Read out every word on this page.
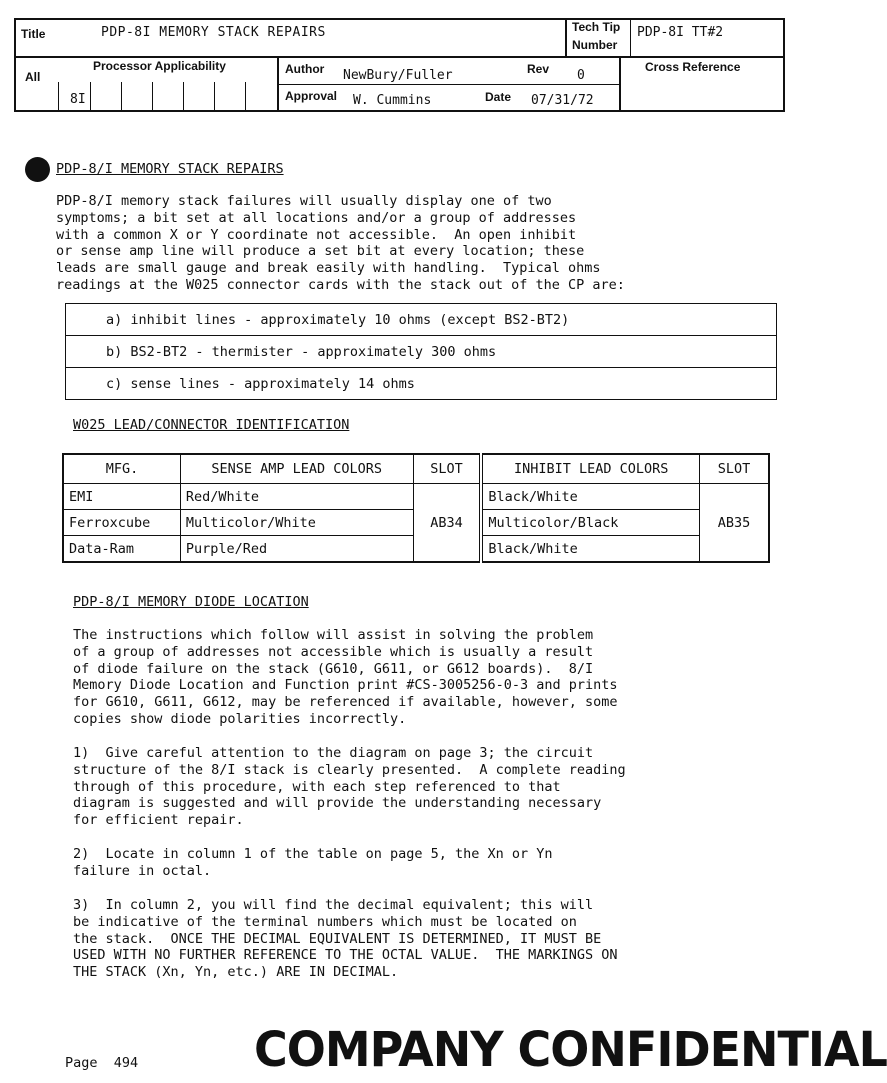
Title	PDP-8I MEMORY STACK REPAIRS	Tech Tip
Number
PDP-8I TT#2
All
Processor Applicability
8I
Author NewBury/Fuller	Rev 0
Cross Reference
Approval W. Cummins	Date 07/31/72
PDP-8/I MEMORY STACK REPAIRS
PDP-8/I memory stack failures will usually display one of two
symptoms; a bit set at all locations and/or a group of addresses
with a common X or Y coordinate not accessible.  An open inhibit
or sense amp line will produce a set bit at every location; these
leads are small gauge and break easily with handling.  Typical ohms
readings at the W025 connector cards with the stack out of the CP are:
a) inhibit lines - approximately 10 ohms (except BS2-BT2)
b) BS2-BT2 - thermister - approximately 300 ohms
c) sense lines - approximately 14 ohms
W025 LEAD/CONNECTOR IDENTIFICATION
MFG.	SENSE AMP LEAD COLORS	SLOT	INHIBIT LEAD COLORS	SLOT
EMI	Red/White	AB34	Black/White	AB35
Ferroxcube	Multicolor/White		Multicolor/Black	
Data-Ram	Purple/Red		Black/White	
PDP-8/I MEMORY DIODE LOCATION
The instructions which follow will assist in solving the problem
of a group of addresses not accessible which is usually a result
of diode failure on the stack (G610, G611, or G612 boards).  8/I
Memory Diode Location and Function print #CS-3005256-0-3 and prints
for G610, G611, G612, may be referenced if available, however, some
copies show diode polarities incorrectly.
1)  Give careful attention to the diagram on page 3; the circuit
structure of the 8/I stack is clearly presented.  A complete reading
through of this procedure, with each step referenced to that
diagram is suggested and will provide the understanding necessary
for efficient repair.
2)  Locate in column 1 of the table on page 5, the Xn or Yn
failure in octal.
3)  In column 2, you will find the decimal equivalent; this will
be indicative of the terminal numbers which must be located on
the stack.  ONCE THE DECIMAL EQUIVALENT IS DETERMINED, IT MUST BE
USED WITH NO FURTHER REFERENCE TO THE OCTAL VALUE.  THE MARKINGS ON
THE STACK (Xn, Yn, etc.) ARE IN DECIMAL.
Page  494	COMPANY CONFIDENTIAL
